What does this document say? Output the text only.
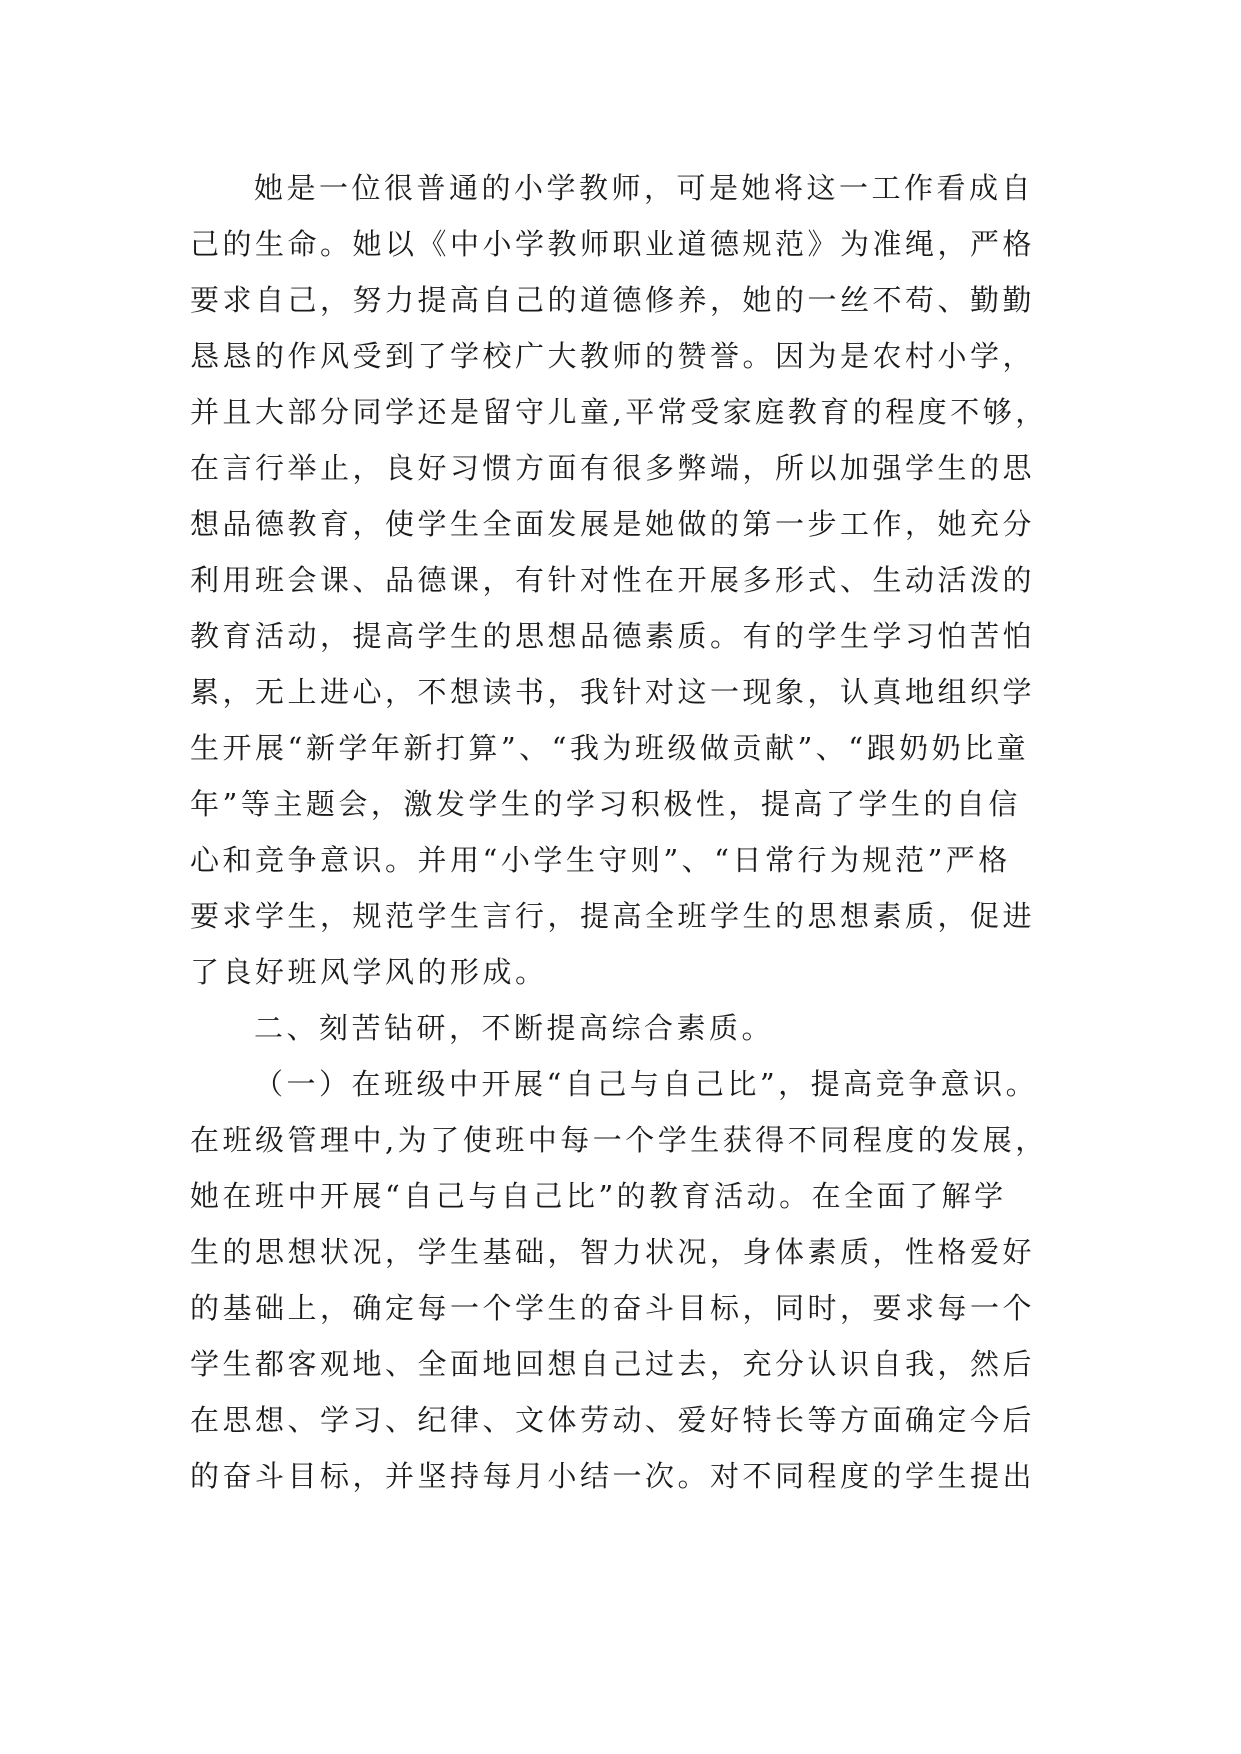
她是一位很普通的小学教师，可是她将这一工作看成自
己的生命。她以《中小学教师职业道德规范》为准绳，严格
要求自己，努力提高自己的道德修养，她的一丝不苟、勤勤
恳恳的作风受到了学校广大教师的赞誉。因为是农村小学，
并且大部分同学还是留守儿童,平常受家庭教育的程度不够，
在言行举止，良好习惯方面有很多弊端，所以加强学生的思
想品德教育，使学生全面发展是她做的第一步工作，她充分
利用班会课、品德课，有针对性在开展多形式、生动活泼的
教育活动，提高学生的思想品德素质。有的学生学习怕苦怕
累，无上进心，不想读书，我针对这一现象，认真地组织学
生开展“新学年新打算”、“我为班级做贡献”、“跟奶奶比童
年”等主题会，激发学生的学习积极性，提高了学生的自信
心和竞争意识。并用“小学生守则”、“日常行为规范”严格
要求学生，规范学生言行，提高全班学生的思想素质，促进
了良好班风学风的形成。
二、刻苦钻研，不断提高综合素质。
（一）在班级中开展“自己与自己比”，提高竞争意识。
在班级管理中,为了使班中每一个学生获得不同程度的发展，
她在班中开展“自己与自己比”的教育活动。在全面了解学
生的思想状况，学生基础，智力状况，身体素质，性格爱好
的基础上，确定每一个学生的奋斗目标，同时，要求每一个
学生都客观地、全面地回想自己过去，充分认识自我，然后
在思想、学习、纪律、文体劳动、爱好特长等方面确定今后
的奋斗目标，并坚持每月小结一次。对不同程度的学生提出
